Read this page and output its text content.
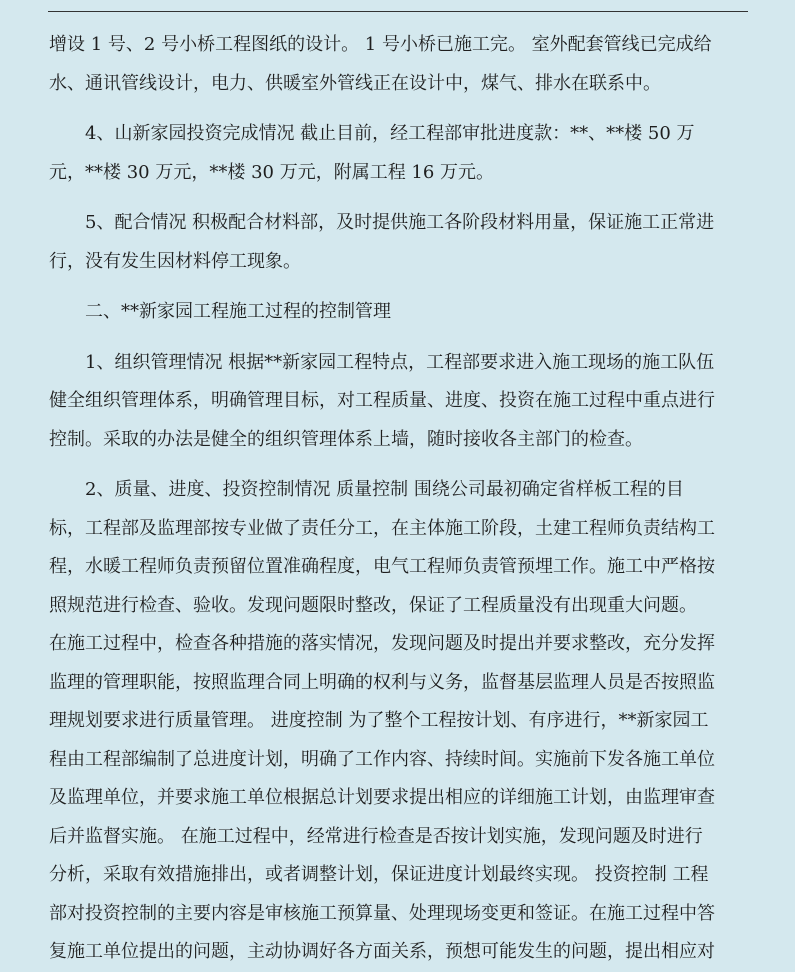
增设 1 号、2 号小桥工程图纸的设计。 1 号小桥已施工完。 室外配套管线已完成给
水、通讯管线设计，电力、供暖室外管线正在设计中，煤气、排水在联系中。
　　4、山新家园投资完成情况 截止目前，经工程部审批进度款：**、**楼 50 万
元，**楼 30 万元，**楼 30 万元，附属工程 16 万元。
　　5、配合情况 积极配合材料部，及时提供施工各阶段材料用量，保证施工正常进
行，没有发生因材料停工现象。
　　二、**新家园工程施工过程的控制管理
　　1、组织管理情况 根据**新家园工程特点，工程部要求进入施工现场的施工队伍
健全组织管理体系，明确管理目标，对工程质量、进度、投资在施工过程中重点进行
控制。采取的办法是健全的组织管理体系上墙，随时接收各主部门的检查。
　　2、质量、进度、投资控制情况 质量控制 围绕公司最初确定省样板工程的目
标，工程部及监理部按专业做了责任分工，在主体施工阶段，土建工程师负责结构工
程，水暖工程师负责预留位置准确程度，电气工程师负责管预埋工作。施工中严格按
照规范进行检查、验收。发现问题限时整改，保证了工程质量没有出现重大问题。
在施工过程中，检查各种措施的落实情况，发现问题及时提出并要求整改，充分发挥
监理的管理职能，按照监理合同上明确的权利与义务，监督基层监理人员是否按照监
理规划要求进行质量管理。 进度控制 为了整个工程按计划、有序进行，**新家园工
程由工程部编制了总进度计划，明确了工作内容、持续时间。实施前下发各施工单位
及监理单位，并要求施工单位根据总计划要求提出相应的详细施工计划，由监理审查
后并监督实施。 在施工过程中，经常进行检查是否按计划实施，发现问题及时进行
分析，采取有效措施排出，或者调整计划，保证进度计划最终实现。 投资控制 工程
部对投资控制的主要内容是审核施工预算量、处理现场变更和签证。在施工过程中答
复施工单位提出的问题，主动协调好各方面关系，预想可能发生的问题，提出相应对
